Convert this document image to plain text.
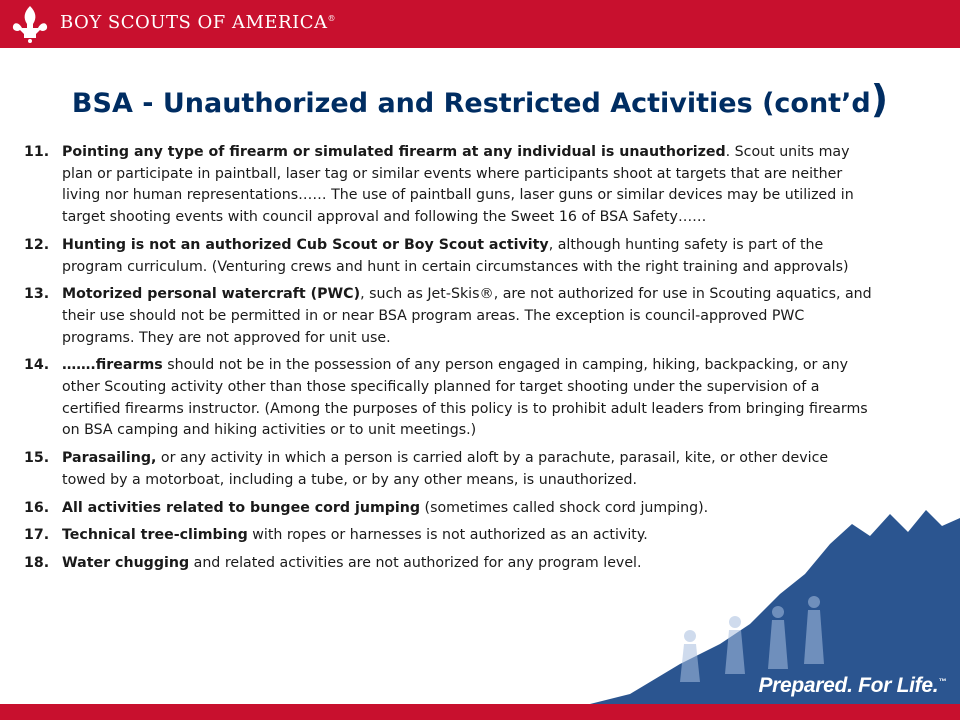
BOY SCOUTS OF AMERICA®
BSA - Unauthorized and Restricted Activities (cont’d)
11. Pointing any type of firearm or simulated firearm at any individual is unauthorized. Scout units may plan or participate in paintball, laser tag or similar events where participants shoot at targets that are neither living nor human representations…… The use of paintball guns, laser guns or similar devices may be utilized in target shooting events with council approval and following the Sweet 16 of BSA Safety……
12. Hunting is not an authorized Cub Scout or Boy Scout activity, although hunting safety is part of the program curriculum. (Venturing crews and hunt in certain circumstances with the right training and approvals)
13. Motorized personal watercraft (PWC), such as Jet-Skis®, are not authorized for use in Scouting aquatics, and their use should not be permitted in or near BSA program areas. The exception is council-approved PWC programs. They are not approved for unit use.
14. …….firearms should not be in the possession of any person engaged in camping, hiking, backpacking, or any other Scouting activity other than those specifically planned for target shooting under the supervision of a certified firearms instructor. (Among the purposes of this policy is to prohibit adult leaders from bringing firearms on BSA camping and hiking activities or to unit meetings.)
15. Parasailing, or any activity in which a person is carried aloft by a parachute, parasail, kite, or other device towed by a motorboat, including a tube, or by any other means, is unauthorized.
16. All activities related to bungee cord jumping (sometimes called shock cord jumping).
17. Technical tree-climbing with ropes or harnesses is not authorized as an activity.
18. Water chugging and related activities are not authorized for any program level.
Prepared. For Life.™
